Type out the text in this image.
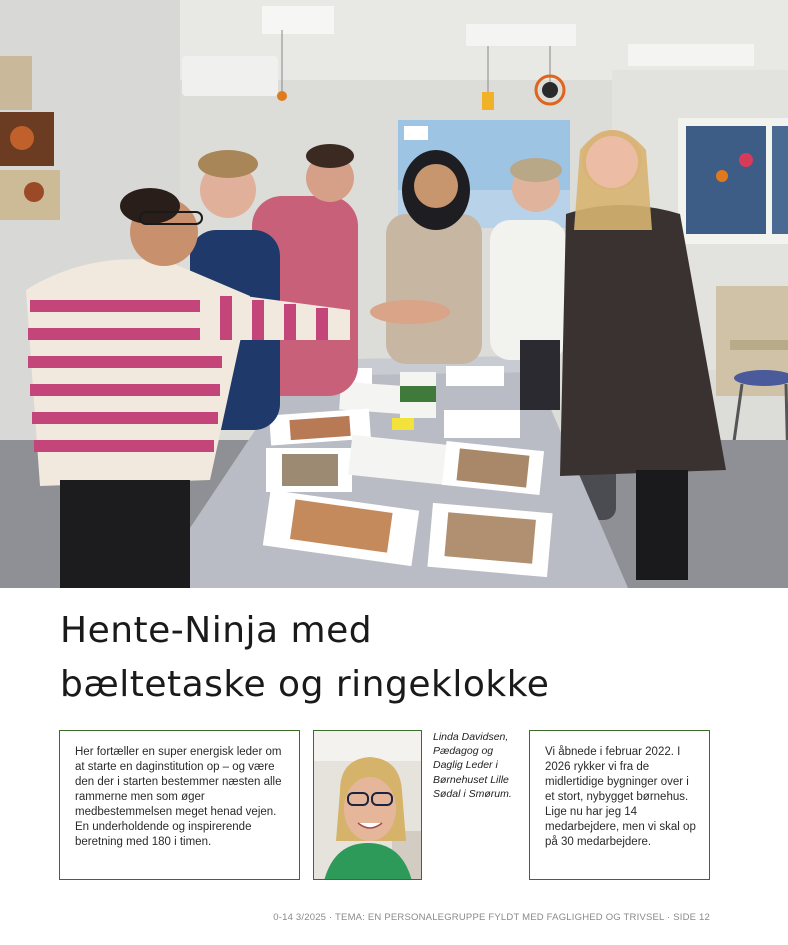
Hente-Ninja med
bæltetaske og ringeklokke
Her fortæller en super energisk leder om at starte en daginstitution op – og være den der i starten bestemmer næsten alle rammerne men som øger medbestemmelsen meget henad vejen. En underholdende og inspirerende beretning med 180 i timen.
Linda Davidsen, Pædagog og Daglig Leder i Børnehuset Lille Sødal i Smørum.
Vi åbnede i februar 2022. I 2026 rykker vi fra de midlertidige bygninger over i et stort, nybygget børnehus. Lige nu har jeg 14 medarbejdere, men vi skal op på 30 medarbejdere.
0-14 3/2025 · TEMA: EN PERSONALEGRUPPE FYLDT MED FAGLIGHED OG TRIVSEL · SIDE 12
